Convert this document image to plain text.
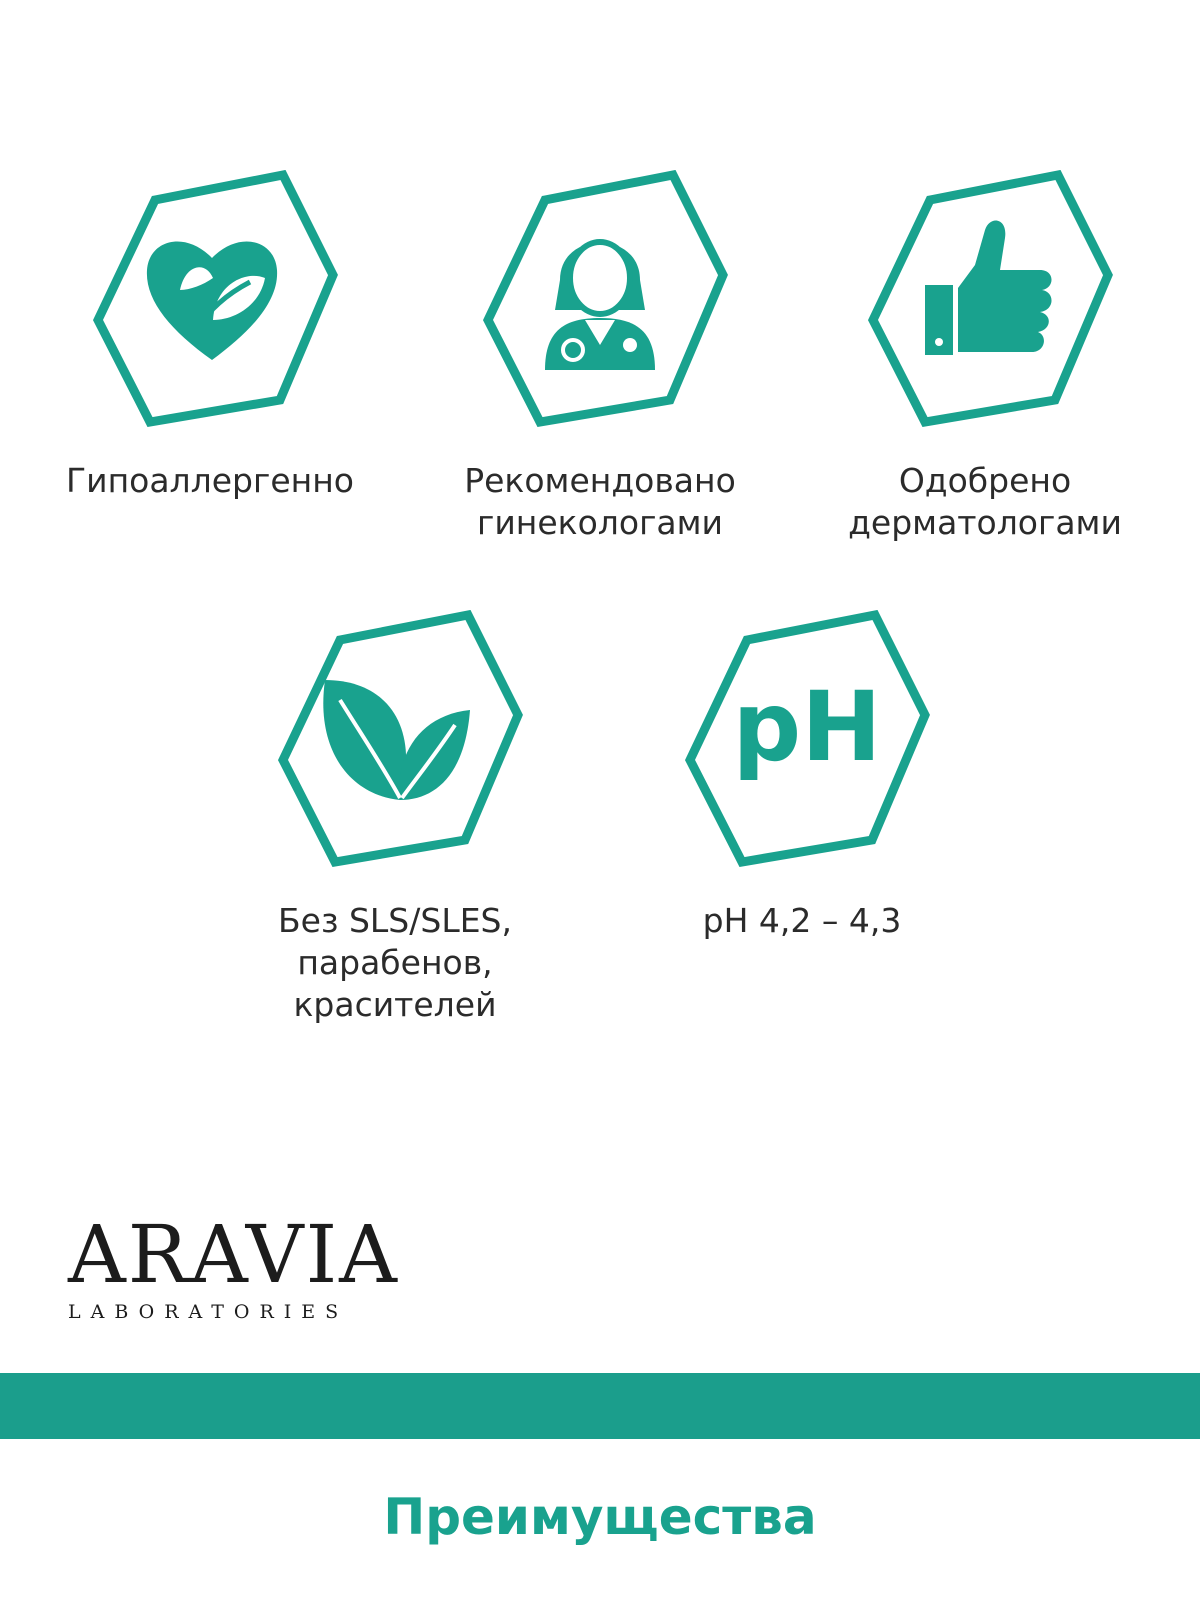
Гипоаллергенно	Рекомендовано
гинекологами
Одобрено
дерматологами
Без SLS/SLES,
парабенов,
красителей
pH
pH 4,2 – 4,3
ARAVIA
LABORATORIES
Преимущества
